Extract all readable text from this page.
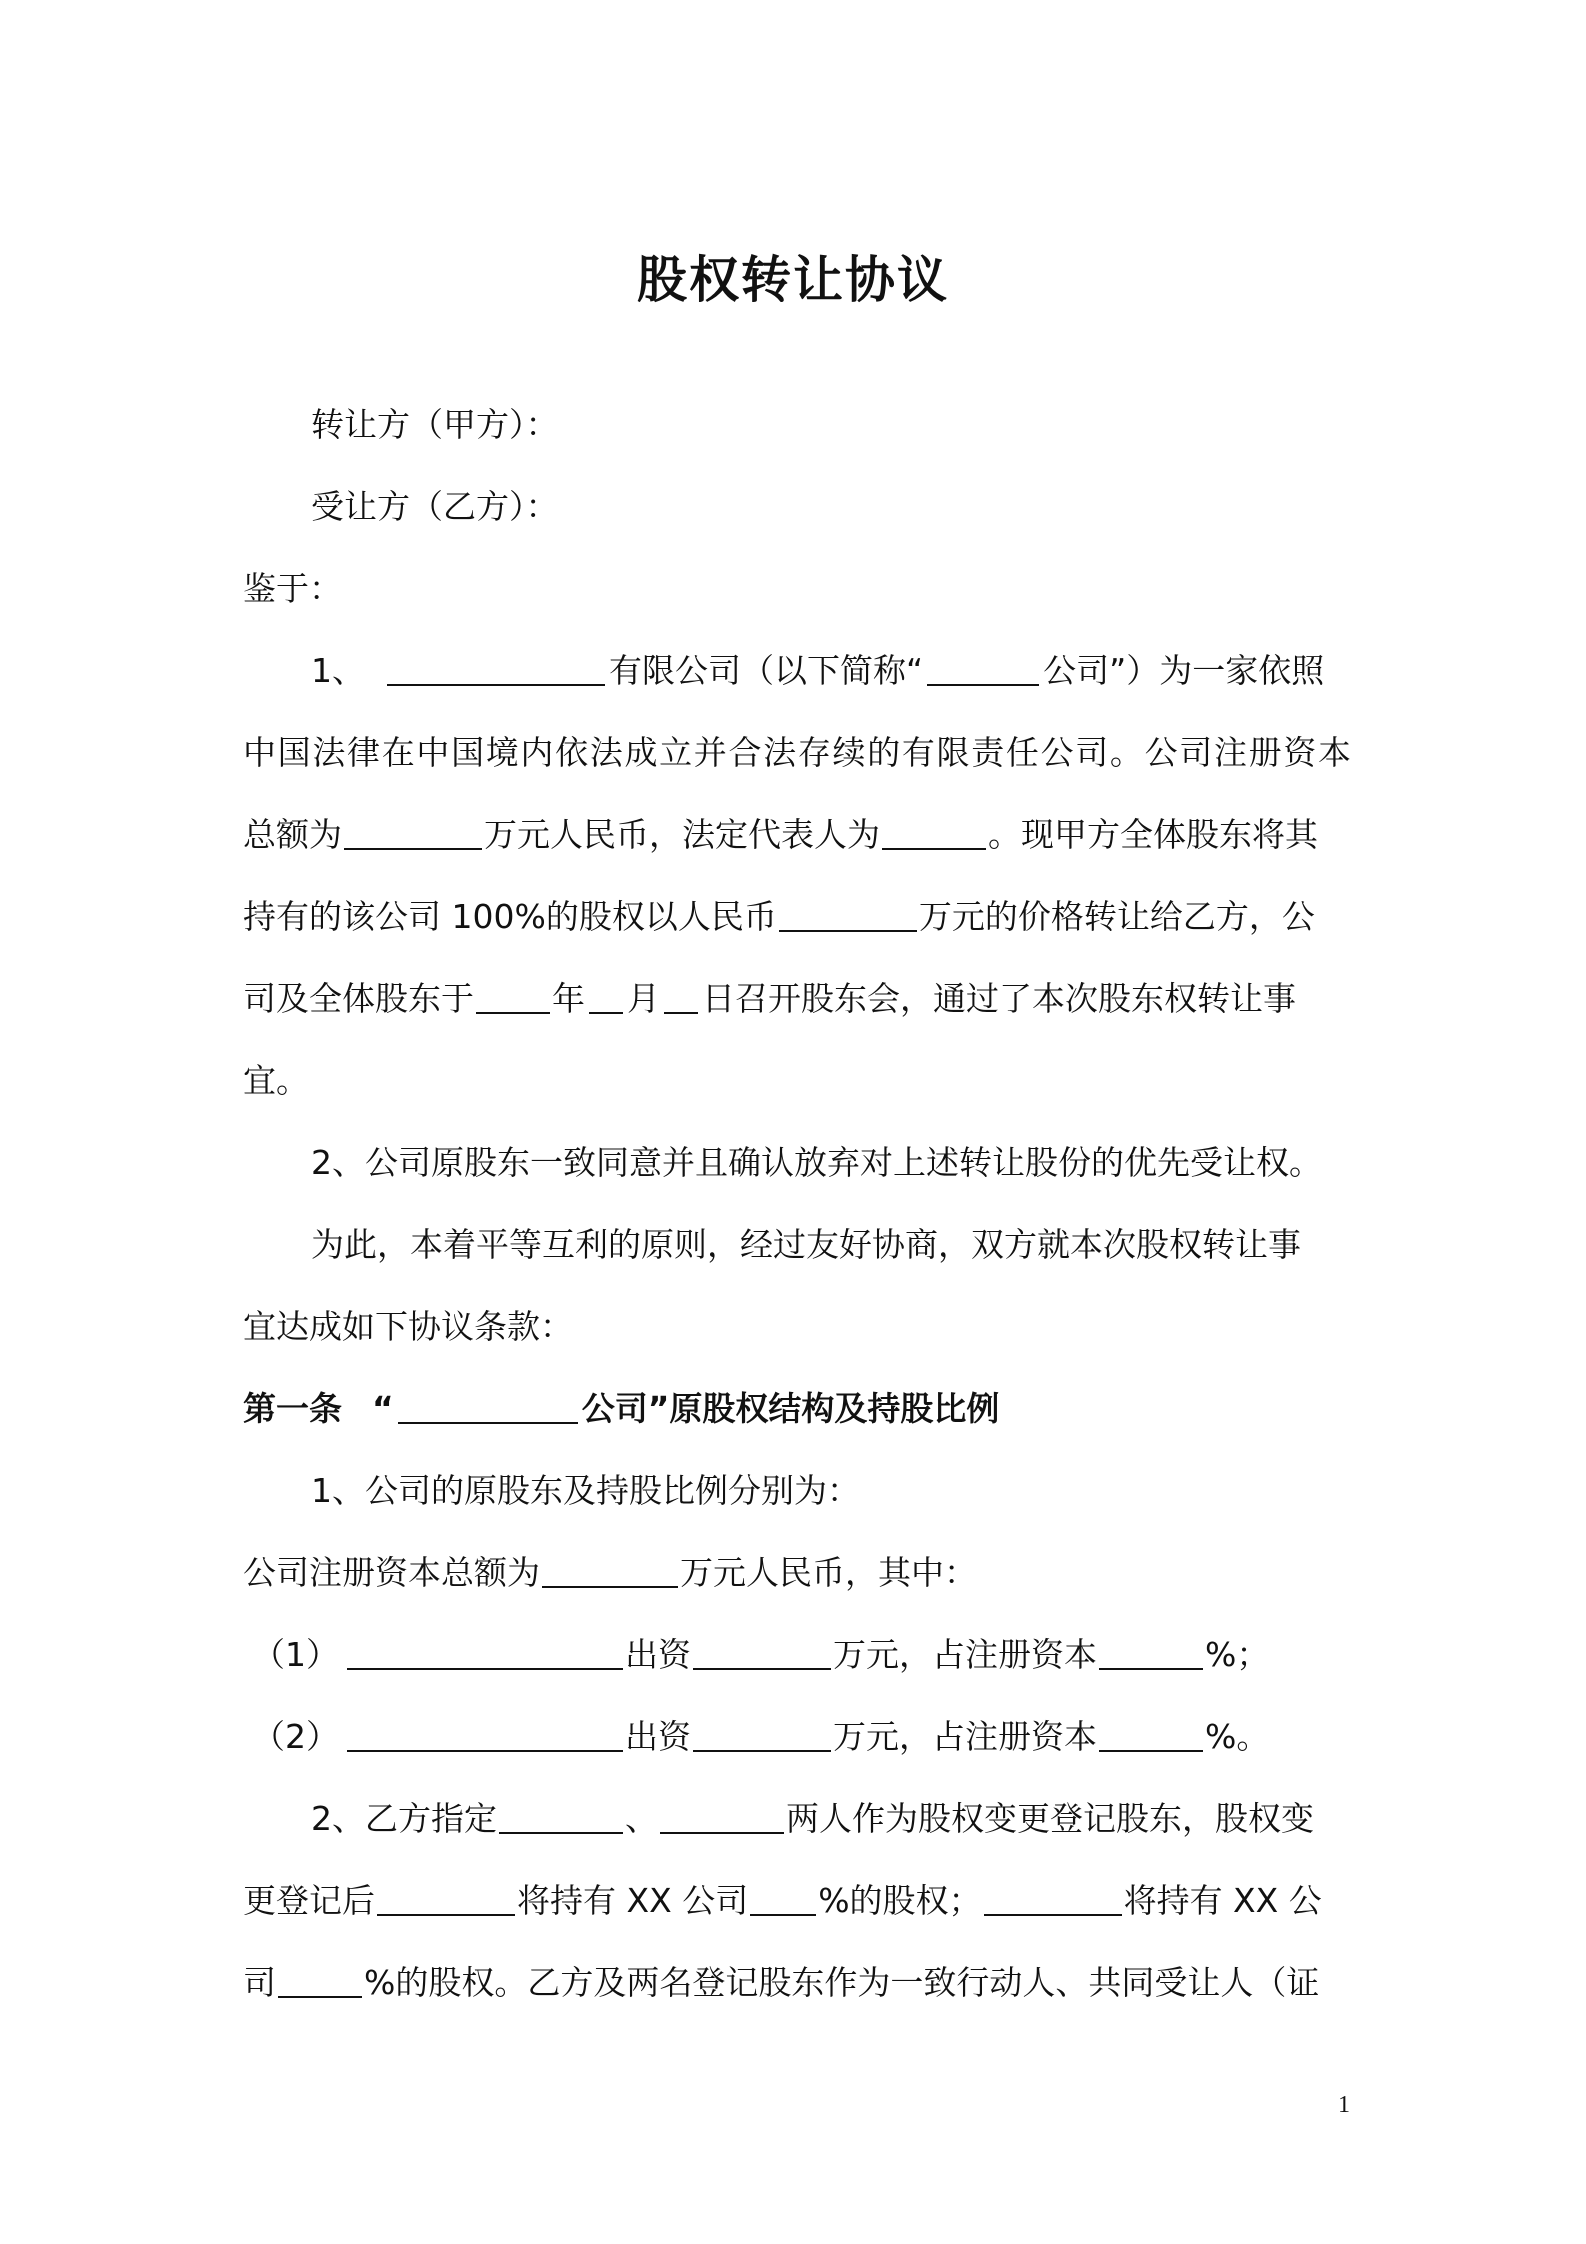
股权转让协议
转让方（甲方）：
受让方（乙方）：
鉴于：
1、	有限公司（以下简称“	公司”）为一家依照
中国法律在中国境内依法成立并合法存续的有限责任公司。公司注册资本
总额为	万元人民币，法定代表人为	。现甲方全体股东将其
持有的该公司 100%的股权以人民币	万元的价格转让给乙方，公
司及全体股东于 年 月 日召开股东会，通过了本次股东权转让事
宜。
2、公司原股东一致同意并且确认放弃对上述转让股份的优先受让权。
为此，本着平等互利的原则，经过友好协商，双方就本次股权转让事
宜达成如下协议条款：
第一条 “	公司”原股权结构及持股比例
1、公司的原股东及持股比例分别为：
公司注册资本总额为	万元人民币，其中：
（1）	出资	万元，占注册资本	%；
（2）	出资	万元，占注册资本	%。
2、乙方指定	、	两人作为股权变更登记股东，股权变
更登记后	将持有 XX 公司 %的股权；	将持有 XX 公
司	%的股权。乙方及两名登记股东作为一致行动人、共同受让人（证
1
